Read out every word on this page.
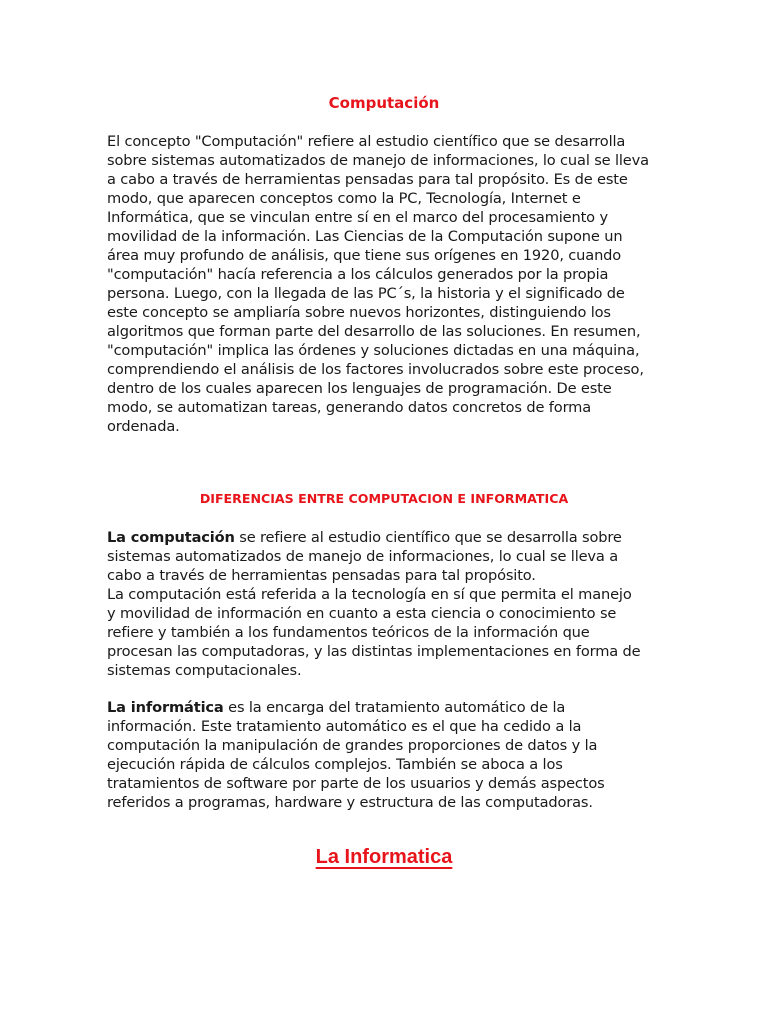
Computación

El concepto "Computación" refiere al estudio científico que se desarrolla
sobre sistemas automatizados de manejo de informaciones, lo cual se lleva
a cabo a través de herramientas pensadas para tal propósito. Es de este
modo, que aparecen conceptos como la PC, Tecnología, Internet e
Informática, que se vinculan entre sí en el marco del procesamiento y
movilidad de la información. Las Ciencias de la Computación supone un
área muy profundo de análisis, que tiene sus orígenes en 1920, cuando
"computación" hacía referencia a los cálculos generados por la propia
persona. Luego, con la llegada de las PC´s, la historia y el significado de
este concepto se ampliaría sobre nuevos horizontes, distinguiendo los
algoritmos que forman parte del desarrollo de las soluciones. En resumen,
"computación" implica las órdenes y soluciones dictadas en una máquina,
comprendiendo el análisis de los factores involucrados sobre este proceso,
dentro de los cuales aparecen los lenguajes de programación. De este
modo, se automatizan tareas, generando datos concretos de forma
ordenada.

DIFERENCIAS ENTRE COMPUTACION E INFORMATICA

La computación se refiere al estudio científico que se desarrolla sobre
sistemas automatizados de manejo de informaciones, lo cual se lleva a
cabo a través de herramientas pensadas para tal propósito.
La computación está referida a la tecnología en sí que permita el manejo
y movilidad de información en cuanto a esta ciencia o conocimiento se
refiere y también a los fundamentos teóricos de la información que
procesan las computadoras, y las distintas implementaciones en forma de
sistemas computacionales.

La informática es la encarga del tratamiento automático de la
información. Este tratamiento automático es el que ha cedido a la
computación la manipulación de grandes proporciones de datos y la
ejecución rápida de cálculos complejos. También se aboca a los
tratamientos de software por parte de los usuarios y demás aspectos
referidos a programas, hardware y estructura de las computadoras.

La Informatica
